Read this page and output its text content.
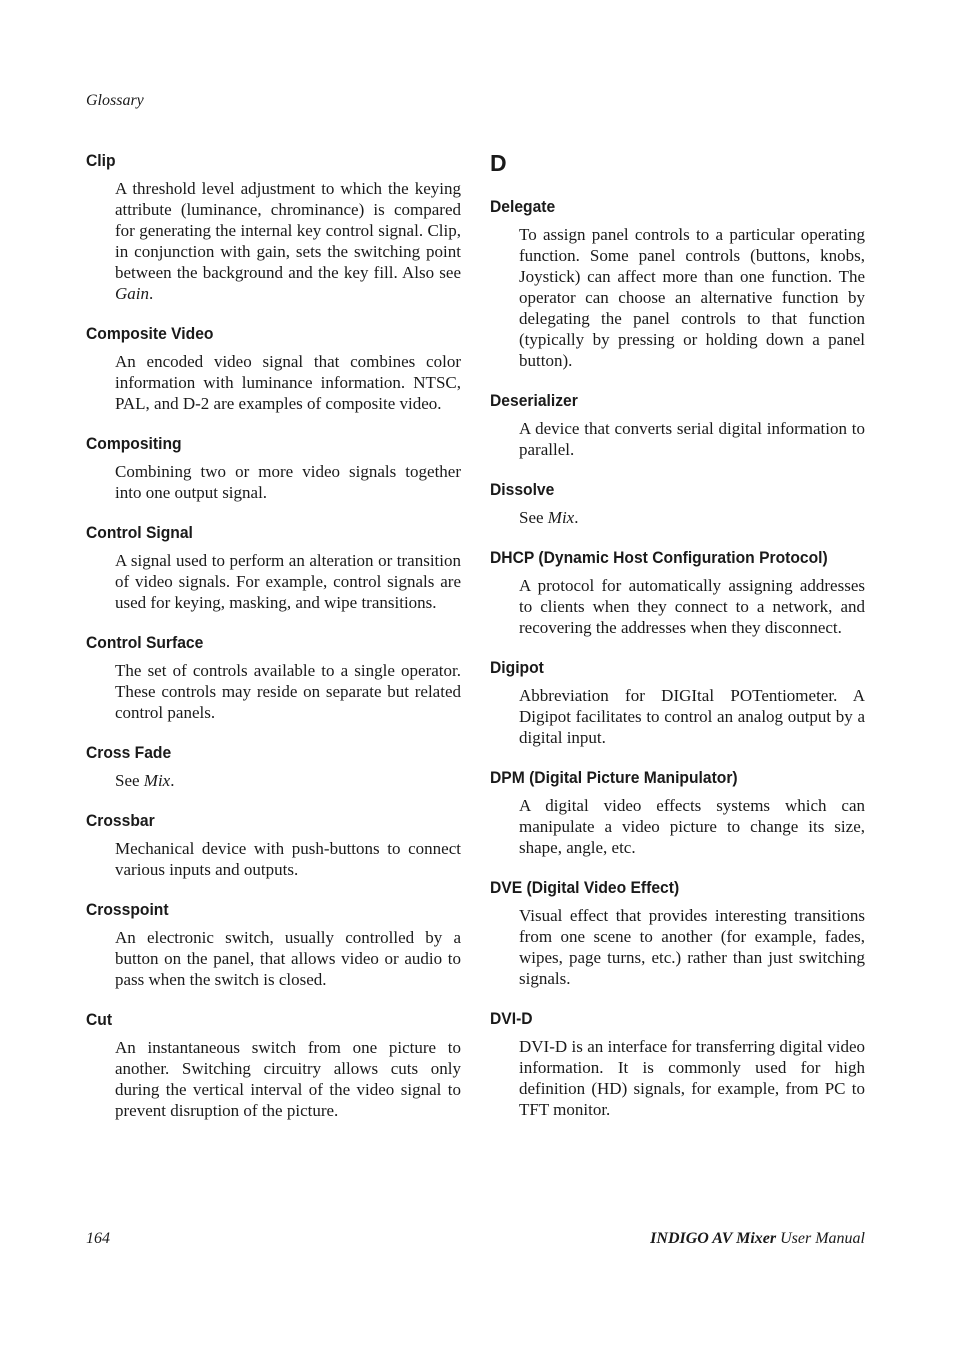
Glossary
Clip
A threshold level adjustment to which the keying attribute (luminance, chrominance) is compared for generating the internal key control signal. Clip, in conjunction with gain, sets the switching point between the background and the key fill. Also see Gain.
Composite Video
An encoded video signal that combines color information with luminance information. NTSC, PAL, and D-2 are examples of composite video.
Compositing
Combining two or more video signals together into one output signal.
Control Signal
A signal used to perform an alteration or transition of video signals. For example, control signals are used for keying, masking, and wipe transitions.
Control Surface
The set of controls available to a single operator. These controls may reside on separate but related control panels.
Cross Fade
See Mix.
Crossbar
Mechanical device with push-buttons to connect various inputs and outputs.
Crosspoint
An electronic switch, usually controlled by a button on the panel, that allows video or audio to pass when the switch is closed.
Cut
An instantaneous switch from one picture to another. Switching circuitry allows cuts only during the vertical interval of the video signal to prevent disruption of the picture.
D
Delegate
To assign panel controls to a particular operating function. Some panel controls (buttons, knobs, Joystick) can affect more than one function. The operator can choose an alternative function by delegating the panel controls to that function (typically by pressing or holding down a panel button).
Deserializer
A device that converts serial digital information to parallel.
Dissolve
See Mix.
DHCP (Dynamic Host Configuration Protocol)
A protocol for automatically assigning addresses to clients when they connect to a network, and recovering the addresses when they disconnect.
Digipot
Abbreviation for DIGItal POTentiometer. A Digipot facilitates to control an analog output by a digital input.
DPM (Digital Picture Manipulator)
A digital video effects systems which can manipulate a video picture to change its size, shape, angle, etc.
DVE (Digital Video Effect)
Visual effect that provides interesting transitions from one scene to another (for example, fades, wipes, page turns, etc.) rather than just switching signals.
DVI-D
DVI-D is an interface for transferring digital video information. It is commonly used for high definition (HD) signals, for example, from PC to TFT monitor.
164	INDIGO AV Mixer User Manual
